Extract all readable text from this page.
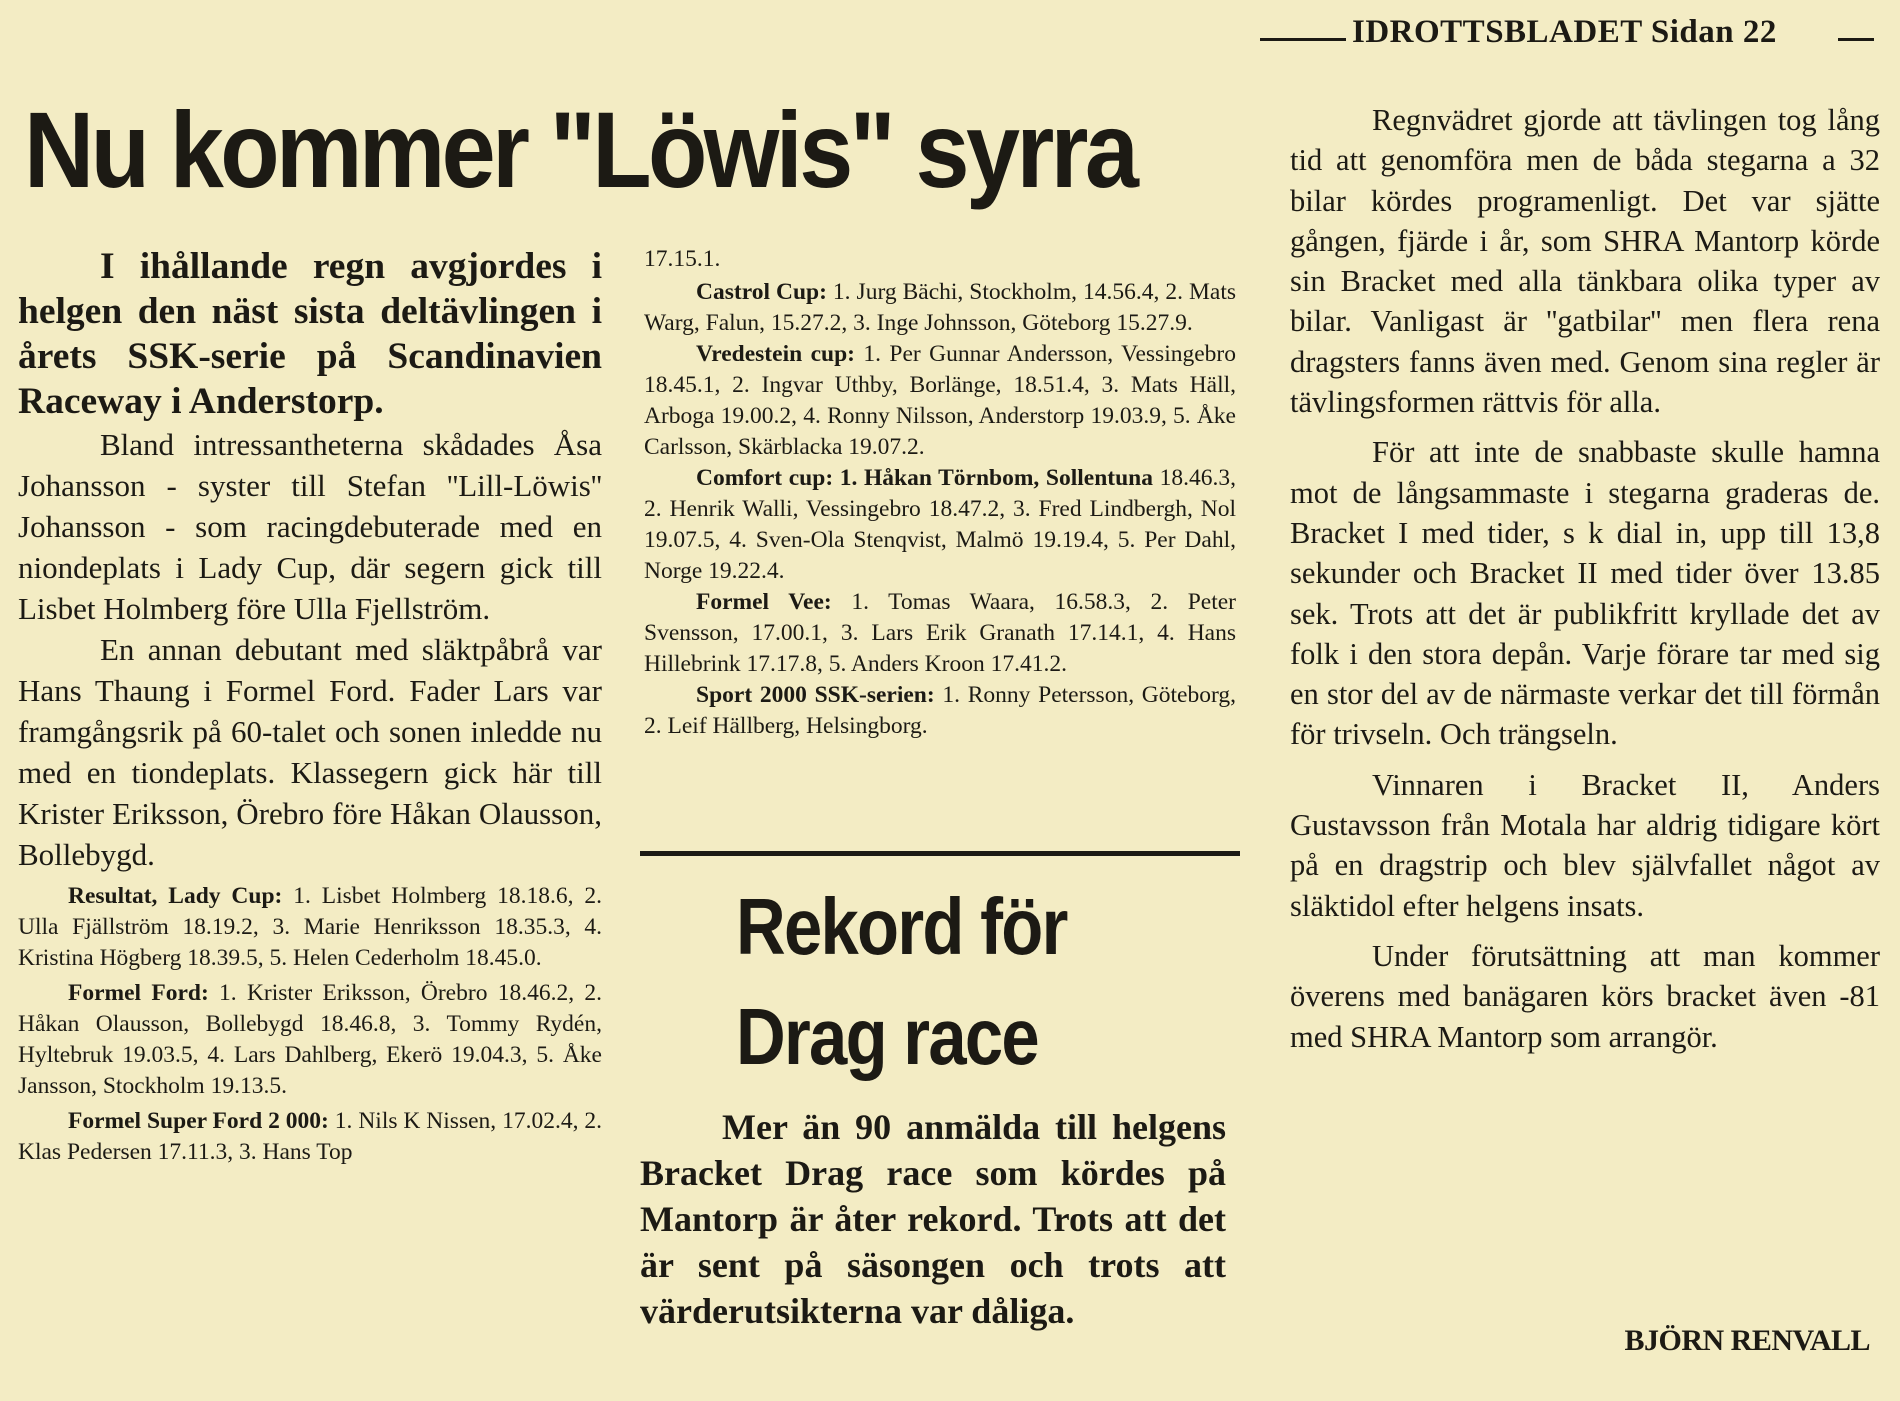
IDROTTSBLADET Sidan 22
Nu kommer "Löwis" syrra

I ihållande regn avgjordes i helgen den näst sista deltävlingen i årets SSK-serie på Scandinavien Raceway i Anderstorp.

Bland intressantheterna skådades Åsa Johansson - syster till Stefan ''Lill-Löwis'' Johansson - som racingdebuterade med en niondeplats i Lady Cup, där segern gick till Lisbet Holmberg före Ulla Fjellström.

En annan debutant med släktpåbrå var Hans Thaung i Formel Ford. Fader Lars var framgångsrik på 60-talet och sonen inledde nu med en tiondeplats. Klassegern gick här till Krister Eriksson, Örebro före Håkan Olausson, Bollebygd.

Resultat, Lady Cup: 1. Lisbet Holmberg 18.18.6, 2. Ulla Fjällström 18.19.2, 3. Marie Henriksson 18.35.3, 4. Kristina Högberg 18.39.5, 5. Helen Cederholm 18.45.0.

Formel Ford: 1. Krister Eriksson, Örebro 18.46.2, 2. Håkan Olausson, Bollebygd 18.46.8, 3. Tommy Rydén, Hyltebruk 19.03.5, 4. Lars Dahlberg, Ekerö 19.04.3, 5. Åke Jansson, Stockholm 19.13.5.

Formel Super Ford 2 000: 1. Nils K Nissen, 17.02.4, 2. Klas Pedersen 17.11.3, 3. Hans Top

17.15.1.

Castrol Cup: 1. Jurg Bächi, Stockholm, 14.56.4, 2. Mats Warg, Falun, 15.27.2, 3. Inge Johnsson, Göteborg 15.27.9.

Vredestein cup: 1. Per Gunnar Andersson, Vessingebro 18.45.1, 2. Ingvar Uthby, Borlänge, 18.51.4, 3. Mats Häll, Arboga 19.00.2, 4. Ronny Nilsson, Anderstorp 19.03.9, 5. Åke Carlsson, Skärblacka 19.07.2.

Comfort cup: 1. Håkan Törnbom, Sollentuna 18.46.3, 2. Henrik Walli, Vessingebro 18.47.2, 3. Fred Lindbergh, Nol 19.07.5, 4. Sven-Ola Stenqvist, Malmö 19.19.4, 5. Per Dahl, Norge 19.22.4.

Formel Vee: 1. Tomas Waara, 16.58.3, 2. Peter Svensson, 17.00.1, 3. Lars Erik Granath 17.14.1, 4. Hans Hillebrink 17.17.8, 5. Anders Kroon 17.41.2.

Sport 2000 SSK-serien: 1. Ronny Petersson, Göteborg, 2. Leif Hällberg, Helsingborg.

Rekord för
Drag race

Mer än 90 anmälda till helgens Bracket Drag race som kördes på Mantorp är åter rekord. Trots att det är sent på säsongen och trots att värderutsikterna var dåliga.

Regnvädret gjorde att tävlingen tog lång tid att genomföra men de båda stegarna a 32 bilar kördes programenligt. Det var sjätte gången, fjärde i år, som SHRA Mantorp körde sin Bracket med alla tänkbara olika typer av bilar. Vanligast är ''gatbilar'' men flera rena dragsters fanns även med. Genom sina regler är tävlingsformen rättvis för alla.

För att inte de snabbaste skulle hamna mot de långsammaste i stegarna graderas de. Bracket I med tider, s k dial in, upp till 13,8 sekunder och Bracket II med tider över 13.85 sek. Trots att det är publikfritt kryllade det av folk i den stora depån. Varje förare tar med sig en stor del av de närmaste verkar det till förmån för trivseln. Och trängseln.

Vinnaren i Bracket II, Anders Gustavsson från Motala har aldrig tidigare kört på en dragstrip och blev självfallet något av släktidol efter helgens insats.

Under förutsättning att man kommer överens med banägaren körs bracket även -81 med SHRA Mantorp som arrangör.

BJÖRN RENVALL
